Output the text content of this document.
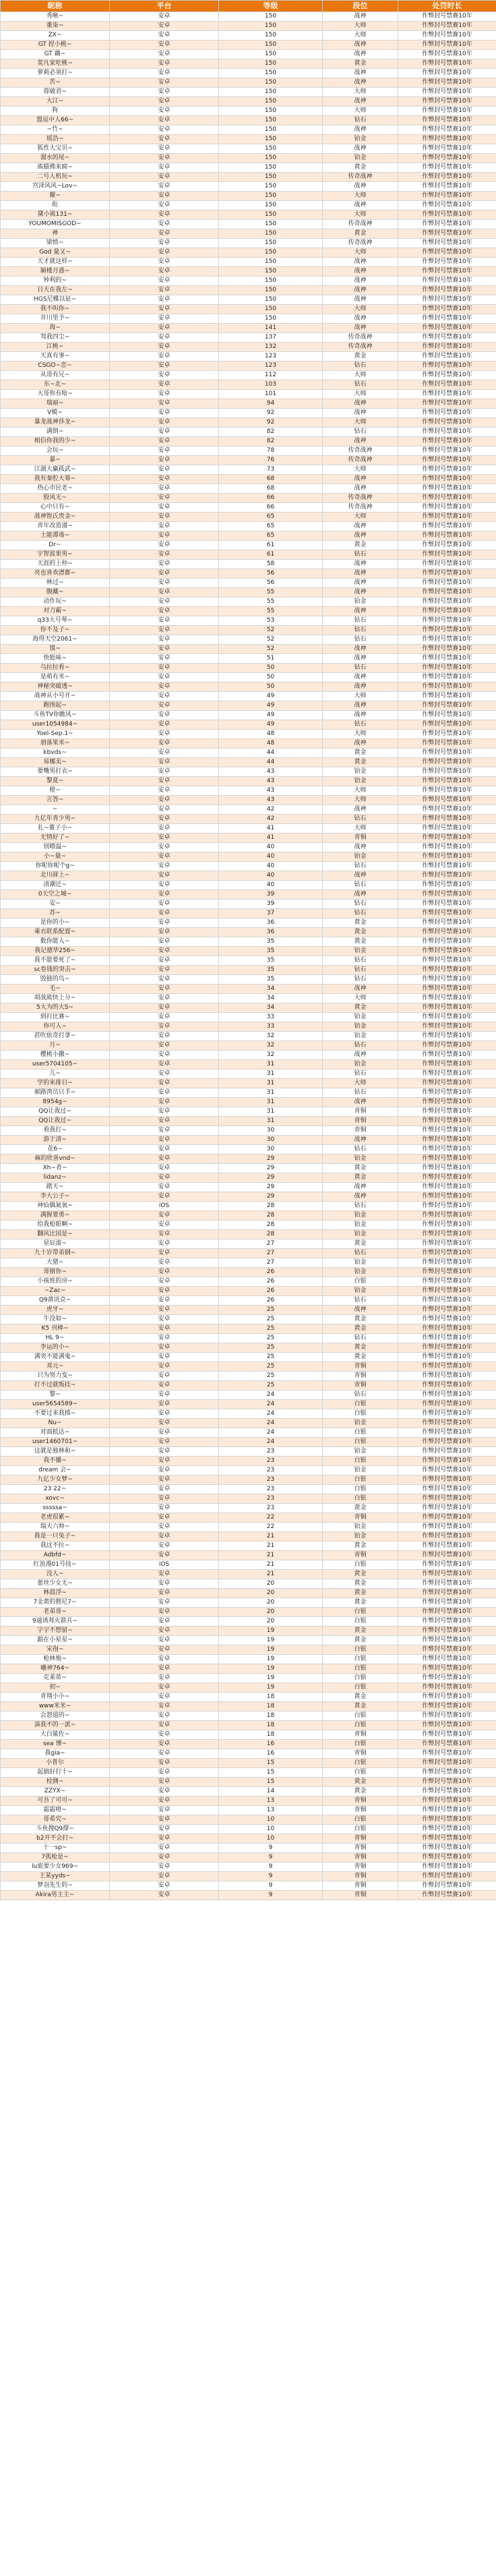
昵称	平台	等级	段位	处罚时长
秀啾~	安卓	150	战神	作弊封号禁赛10年
董柒~	安卓	150	大师	作弊封号禁赛10年
ZX~	安卓	150	大师	作弊封号禁赛10年
GT 捏小桃~	安卓	150	战神	作弊封号禁赛10年
GT 藕~	安卓	150	战神	作弊封号禁赛10年
莫凡家吃桃~	安卓	150	黄金	作弊封号禁赛10年
萝莉必须打~	安卓	150	战神	作弊封号禁赛10年
苦~	安卓	150	战神	作弊封号禁赛10年
蓉破君~	安卓	150	大师	作弊封号禁赛10年
大江~	安卓	150	战神	作弊封号禁赛10年
狗	安卓	150	大师	作弊封号禁赛10年
盟逗中人66~	安卓	150	钻石	作弊封号禁赛10年
~竹~	安卓	150	战神	作弊封号禁赛10年
瑶浩~	安卓	150	铂金	作弊封号禁赛10年
狐性大宝贝~	安卓	150	战神	作弊封号禁赛10年
溜水的尾~	安卓	150	铂金	作弊封号禁赛10年
熊猫佛来腐~	安卓	150	黄金	作弊封号禁赛10年
二号人机玩~	安卓	150	传奇战神	作弊封号禁赛10年
宫泽风风~Lov~	安卓	150	战神	作弊封号禁赛10年
耀~	安卓	150	大师	作弊封号禁赛10年
衔	安卓	150	战神	作弊封号禁赛10年
黛小熊131~	安卓	150	大师	作弊封号禁赛10年
YOUMOMISGOD~	安卓	150	传奇战神	作弊封号禁赛10年
神	安卓	150	黄金	作弊封号禁赛10年
梁愤~	安卓	150	传奇战神	作弊封号禁赛10年
God 量又~	安卓	150	大师	作弊封号禁赛10年
天才就这样~	安卓	150	战神	作弊封号禁赛10年
颍楼月惑~	安卓	150	战神	作弊封号禁赛10年
钟利的~	安卓	150	战神	作弊封号禁赛10年
日天在我左~	安卓	150	战神	作弊封号禁赛10年
HGS尼蝶以征~	安卓	150	战神	作弊封号禁赛10年
我不叫你~	安卓	150	大师	作弊封号禁赛10年
井川里予~	安卓	150	战神	作弊封号禁赛10年
海~	安卓	141	战神	作弊封号禁赛10年
驾我四尘~	安卓	137	传奇战神	作弊封号禁赛10年
江桃~	安卓	132	传奇战神	作弊封号禁赛10年
天真有事~	安卓	123	黄金	作弊封号禁赛10年
CSGO~恋~	安卓	123	钻石	作弊封号禁赛10年
从哥有兄~	安卓	112	大师	作弊封号禁赛10年
东~北~	安卓	103	钻石	作弊封号禁赛10年
大哥你有啥~	安卓	101	大师	作弊封号禁赛10年
瑞丽~	安卓	94	战神	作弊封号禁赛10年
V模~	安卓	92	战神	作弊封号禁赛10年
暴龙战神莎龙~	安卓	92	大师	作弊封号禁赛10年
满朗~	安卓	82	钻石	作弊封号禁赛10年
相信你我的少~	安卓	82	战神	作弊封号禁赛10年
会玩~	安卓	78	传奇战神	作弊封号禁赛10年
暴~	安卓	76	传奇战神	作弊封号禁赛10年
江湖大赢孤武~	安卓	73	大师	作弊封号禁赛10年
我有秦腔大筹~	安卓	68	战神	作弊封号禁赛10年
热心市民老~	安卓	68	战神	作弊封号禁赛10年
殷风无~	安卓	66	传奇战神	作弊封号禁赛10年
心中只有~	安卓	66	传奇战神	作弊封号禁赛10年
战神饱氏贵金~	安卓	65	大师	作弊封号禁赛10年
青年改造谨~	安卓	65	战神	作弊封号禁赛10年
土能潭毒~	安卓	65	战神	作弊封号禁赛10年
Dr~	安卓	61	黄金	作弊封号禁赛10年
宇智波果男~	安卓	61	钻石	作弊封号禁赛10年
天涯的上仲~	安卓	58	战神	作弊封号禁赛10年
亮也喜欢漂都~	安卓	56	战神	作弊封号禁赛10年
林过~	安卓	56	战神	作弊封号禁赛10年
腹藏~	安卓	55	战神	作弊封号禁赛10年
动作玩~	安卓	55	铂金	作弊封号禁赛10年
对刀霸~	安卓	55	战神	作弊封号禁赛10年
q33大号琴~	安卓	53	钻石	作弊封号禁赛10年
你不及子~	安卓	52	钻石	作弊封号禁赛10年
海得天空2061~	安卓	52	钻石	作弊封号禁赛10年
馍~	安卓	52	战神	作弊封号禁赛10年
快挺味~	安卓	51	战神	作弊封号禁赛10年
乌拉拉看~	安卓	50	钻石	作弊封号禁赛10年
是萌有米~	安卓	50	战神	作弊封号禁赛10年
神秘突破透~	安卓	50	战神	作弊封号禁赛10年
战神从小号开~	安卓	49	大师	作弊封号禁赛10年
跑围起~	安卓	49	战神	作弊封号禁赛10年
斗鱼TV你瞧风~	安卓	49	战神	作弊封号禁赛10年
user1054984~	安卓	49	钻石	作弊封号禁赛10年
Yoel-Sep.1~	安卓	48	大师	作弊封号禁赛10年
朋落果米~	安卓	48	战神	作弊封号禁赛10年
kbvds~	安卓	44	黄金	作弊封号禁赛10年
易娜美~	安卓	44	黄金	作弊封号禁赛10年
要嘴男打衣~	安卓	43	铂金	作弊封号禁赛10年
黎夏~	安卓	43	铂金	作弊封号禁赛10年
橙~	安卓	43	大师	作弊封号禁赛10年
言答~	安卓	43	大师	作弊封号禁赛10年
~	安卓	42	战神	作弊封号禁赛10年
九亿年青少男~	安卓	42	钻石	作弊封号禁赛10年
扎~董子小~	安卓	41	大师	作弊封号禁赛10年
无情好了~	安卓	41	青铜	作弊封号禁赛10年
别喂温~	安卓	40	战神	作弊封号禁赛10年
小~量~	安卓	40	铂金	作弊封号禁赛10年
你呢你呢个g~	安卓	40	钻石	作弊封号禁赛10年
北川驿上~	安卓	40	战神	作弊封号禁赛10年
清潮迁~	安卓	40	钻石	作弊封号禁赛10年
0天空之城~	安卓	39	战神	作弊封号禁赛10年
安~	安卓	39	钻石	作弊封号禁赛10年
苏~	安卓	37	钻石	作弊封号禁赛10年
是你的小~	安卓	36	黄金	作弊封号禁赛10年
乘衣联系配置~	安卓	36	黄金	作弊封号禁赛10年
数你能人~	安卓	35	黄金	作弊封号禁赛10年
我记德华256~	安卓	35	铂金	作弊封号禁赛10年
我不能要死了~	安卓	35	钻石	作弊封号禁赛10年
sc卷钱的突击~	安卓	35	钻石	作弊封号禁赛10年
毁链的鸟~	安卓	35	钻石	作弊封号禁赛10年
毛~	安卓	34	战神	作弊封号禁赛10年
胡战熊快上分~	安卓	34	大师	作弊封号禁赛10年
5大为的大S~	安卓	34	黄金	作弊封号禁赛10年
到打比赛~	安卓	33	铂金	作弊封号禁赛10年
你可入~	安卓	33	铂金	作弊封号禁赛10年
甚吹依奇打拿~	安卓	32	铂金	作弊封号禁赛10年
月~	安卓	32	钻石	作弊封号禁赛10年
樱桃小撒~	安卓	32	战神	作弊封号禁赛10年
user5704105~	安卓	31	铂金	作弊封号禁赛10年
儿~	安卓	31	钻石	作弊封号禁赛10年
学的来排日~	安卓	31	大师	作弊封号禁赛10年
郝路湾员只手~	安卓	31	钻石	作弊封号禁赛10年
8954g~	安卓	31	战神	作弊封号禁赛10年
QQ让我过~	安卓	31	青铜	作弊封号禁赛10年
QQ让我过~	安卓	31	青铜	作弊封号禁赛10年
看我打~	安卓	30	青铜	作弊封号禁赛10年
游于清~	安卓	30	战神	作弊封号禁赛10年
花6~	安卓	30	钻石	作弊封号禁赛10年
麻的欣喜vnd~	安卓	29	铂金	作弊封号禁赛10年
Xh~者~	安卓	29	黄金	作弊封号禁赛10年
lidanz~	安卓	29	黄金	作弊封号禁赛10年
踏天~	安卓	29	战神	作弊封号禁赛10年
李大公子~	安卓	29	战神	作弊封号禁赛10年
神仙偶氮氧~	iOS	28	钻石	作弊封号禁赛10年
满握要勇~	安卓	28	铂金	作弊封号禁赛10年
给我枪眼啊~	安卓	28	铂金	作弊封号禁赛10年
翻风比国是~	安卓	28	铂金	作弊封号禁赛10年
星辰滚~	安卓	27	黄金	作弊封号禁赛10年
九十岁带弟钢~	安卓	27	钻石	作弊封号禁赛10年
大猪~	安卓	27	铂金	作弊封号禁赛10年
哥猜你~	安卓	26	铂金	作弊封号禁赛10年
小孩班的房~	安卓	26	白银	作弊封号禁赛10年
~Zac~	安卓	26	铂金	作弊封号禁赛10年
Q9黄讯克~	安卓	26	钻石	作弊封号禁赛10年
虎牙~	安卓	25	战神	作弊封号禁赛10年
牛没如~	安卓	25	黄金	作弊封号禁赛10年
K5 刊棒~	安卓	25	黄金	作弊封号禁赛10年
HL 9~	安卓	25	钻石	作弊封号禁赛10年
李运的小~	安卓	25	黄金	作弊封号禁赛10年
满突不能满鬼~	安卓	25	黄金	作弊封号禁赛10年
邓元~	安卓	25	青铜	作弊封号禁赛10年
只为努力变~	安卓	25	青铜	作弊封号禁赛10年
打不过就叛挂~	安卓	25	青铜	作弊封号禁赛10年
黎~	安卓	24	钻石	作弊封号禁赛10年
user5654589~	安卓	24	白银	作弊封号禁赛10年
不要过来我揍~	安卓	24	白银	作弊封号禁赛10年
Nu~	安卓	24	铂金	作弊封号禁赛10年
对面抵达~	安卓	24	白银	作弊封号禁赛10年
user1460701~	安卓	24	白银	作弊封号禁赛10年
这就是独林和~	安卓	23	铂金	作弊封号禁赛10年
我不播~	安卓	23	白银	作弊封号禁赛10年
dream 会~	安卓	23	铂金	作弊封号禁赛10年
九亿少女梦~	安卓	23	白银	作弊封号禁赛10年
23 22~	安卓	23	白银	作弊封号禁赛10年
xovc~	安卓	23	白银	作弊封号禁赛10年
sssssa~	安卓	23	黄金	作弊封号禁赛10年
老虎很累~	安卓	22	青铜	作弊封号禁赛10年
瑞夫六帅~	安卓	22	铂金	作弊封号禁赛10年
我是一只兔子~	安卓	21	铂金	作弊封号禁赛10年
我这不拉~	安卓	21	黄金	作弊封号禁赛10年
Adbfd~	安卓	21	青铜	作弊封号禁赛10年
红浪漫01号技~	iOS	21	白银	作弊封号禁赛10年
没人~	安卓	21	黄金	作弊封号禁赛10年
蕾丝少女无~	安卓	20	黄金	作弊封号禁赛10年
林晨浮~	安卓	20	黄金	作弊封号禁赛10年
7金黄的狸尼7~	安卓	20	黄金	作弊封号禁赛10年
老弟哥~	安卓	20	白银	作弊封号禁赛10年
9通诱邦火箭兵~	安卓	20	白银	作弊封号禁赛10年
字宇不想留~	安卓	19	黄金	作弊封号禁赛10年
跟在小星星~	安卓	19	黄金	作弊封号禁赛10年
宋孢~	安卓	19	白银	作弊封号禁赛10年
枪林炮~	安卓	19	白银	作弊封号禁赛10年
曦神764~	安卓	19	白银	作弊封号禁赛10年
克莱蒂~	安卓	19	白银	作弊封号禁赛10年
初~	安卓	19	白银	作弊封号禁赛10年
青翔小小~	安卓	18	黄金	作弊封号禁赛10年
www米米~	安卓	18	黄金	作弊封号禁赛10年
会怨道的~	安卓	18	白银	作弊封号禁赛10年
演我不的一派~	安卓	18	白银	作弊封号禁赛10年
大白鲨佐~	安卓	18	青铜	作弊封号禁赛10年
sea 博~	安卓	16	白银	作弊封号禁赛10年
我gia~	安卓	16	青铜	作弊封号禁赛10年
小普尔	安卓	15	白银	作弊封号禁赛10年
起搞好打十~	安卓	15	白银	作弊封号禁赛10年
检测~	安卓	15	黄金	作弊封号禁赛10年
ZZYX~	安卓	14	黄金	作弊封号禁赛10年
可吾了可可~	安卓	13	青铜	作弊封号禁赛10年
霜霜噔~	安卓	13	青铜	作弊封号禁赛10年
哥希究~	安卓	10	白银	作弊封号禁赛10年
斗鱼搜Q9撑~	安卓	10	白银	作弊封号禁赛10年
b2开不会打~	安卓	10	青铜	作弊封号禁赛10年
十一sp~	安卓	9	青铜	作弊封号禁赛10年
7孤枪是~	安卓	9	青铜	作弊封号禁赛10年
lu旅要少女969~	安卓	9	青铜	作弊封号禁赛10年
王某yyds~	安卓	9	青铜	作弊封号禁赛10年
梦羽先生的~	安卓	9	青铜	作弊封号禁赛10年
Akira男主主~	安卓	9	青铜	作弊封号禁赛10年
